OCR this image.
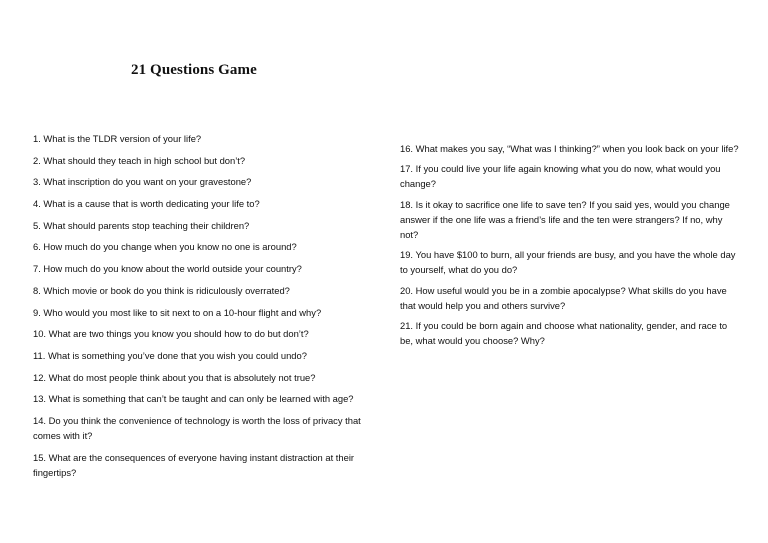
21 Questions Game

1. What is the TLDR version of your life?

2. What should they teach in high school but don’t?

3. What inscription do you want on your gravestone?

4. What is a cause that is worth dedicating your life to?

5. What should parents stop teaching their children?

6. How much do you change when you know no one is around?

7. How much do you know about the world outside your country?

8. Which movie or book do you think is ridiculously overrated?

9. Who would you most like to sit next to on a 10-hour flight and why?

10. What are two things you know you should how to do but don’t?

11. What is something you’ve done that you wish you could undo?

12. What do most people think about you that is absolutely not true?

13. What is something that can’t be taught and can only be learned with age?

14. Do you think the convenience of technology is worth the loss of privacy that comes with it?

15. What are the consequences of everyone having instant distraction at their fingertips?

16. What makes you say, “What was I thinking?” when you look back on your life?

17. If you could live your life again knowing what you do now, what would you change?

18. Is it okay to sacrifice one life to save ten? If you said yes, would you change answer if the one life was a friend’s life and the ten were strangers? If no, why not?

19. You have $100 to burn, all your friends are busy, and you have the whole day to yourself, what do you do?

20. How useful would you be in a zombie apocalypse? What skills do you have that would help you and others survive?

21. If you could be born again and choose what nationality, gender, and race to be, what would you choose? Why?
